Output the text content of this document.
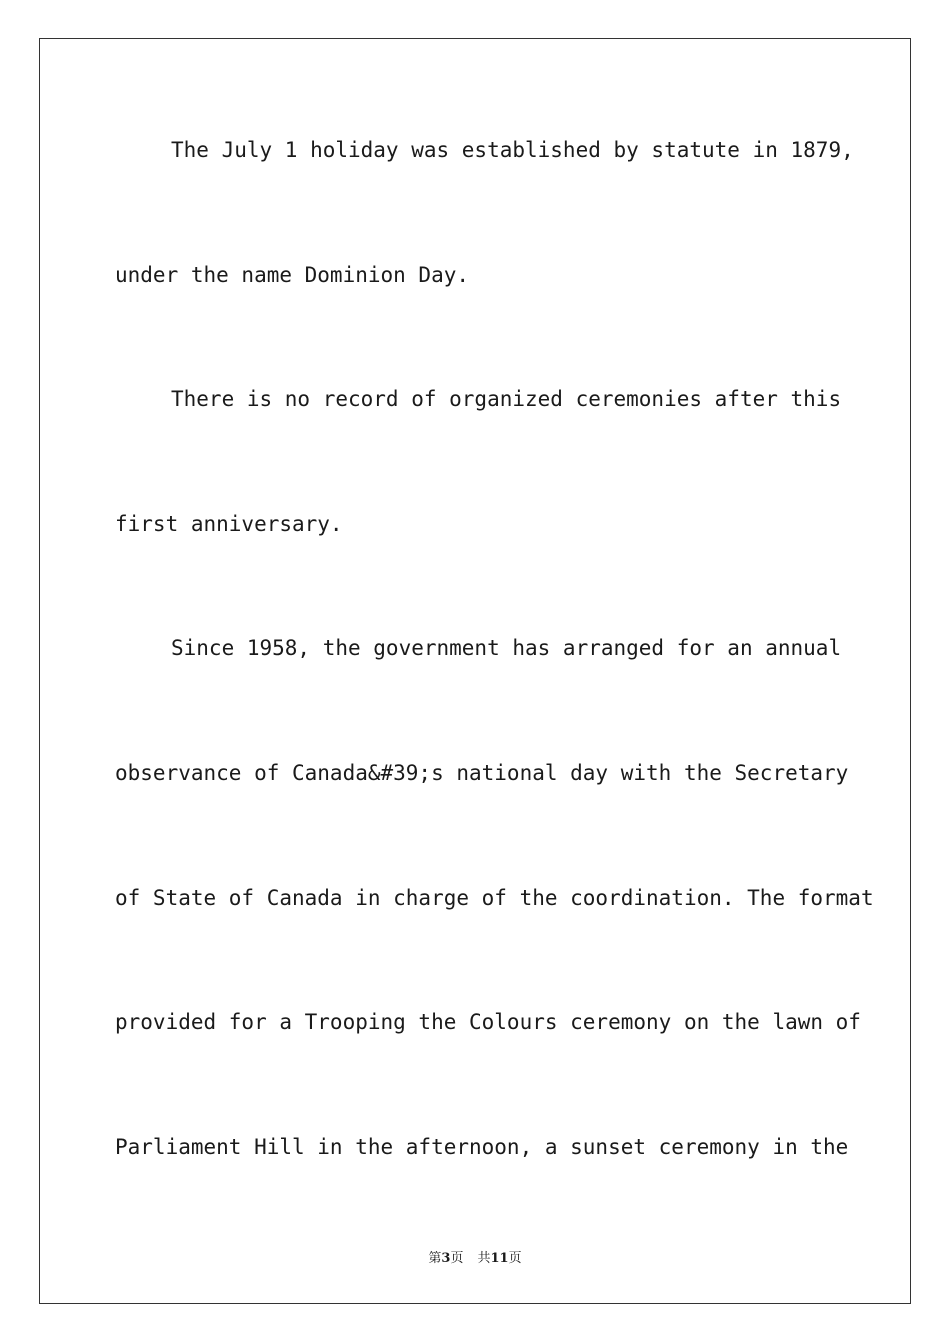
The July 1 holiday was established by statute in 1879,
under the name Dominion Day.
There is no record of organized ceremonies after this
first anniversary.
Since 1958, the government has arranged for an annual
observance of Canada&#39;s national day with the Secretary
of State of Canada in charge of the coordination. The format
provided for a Trooping the Colours ceremony on the lawn of
Parliament Hill in the afternoon, a sunset ceremony in the
第3页 共11页
